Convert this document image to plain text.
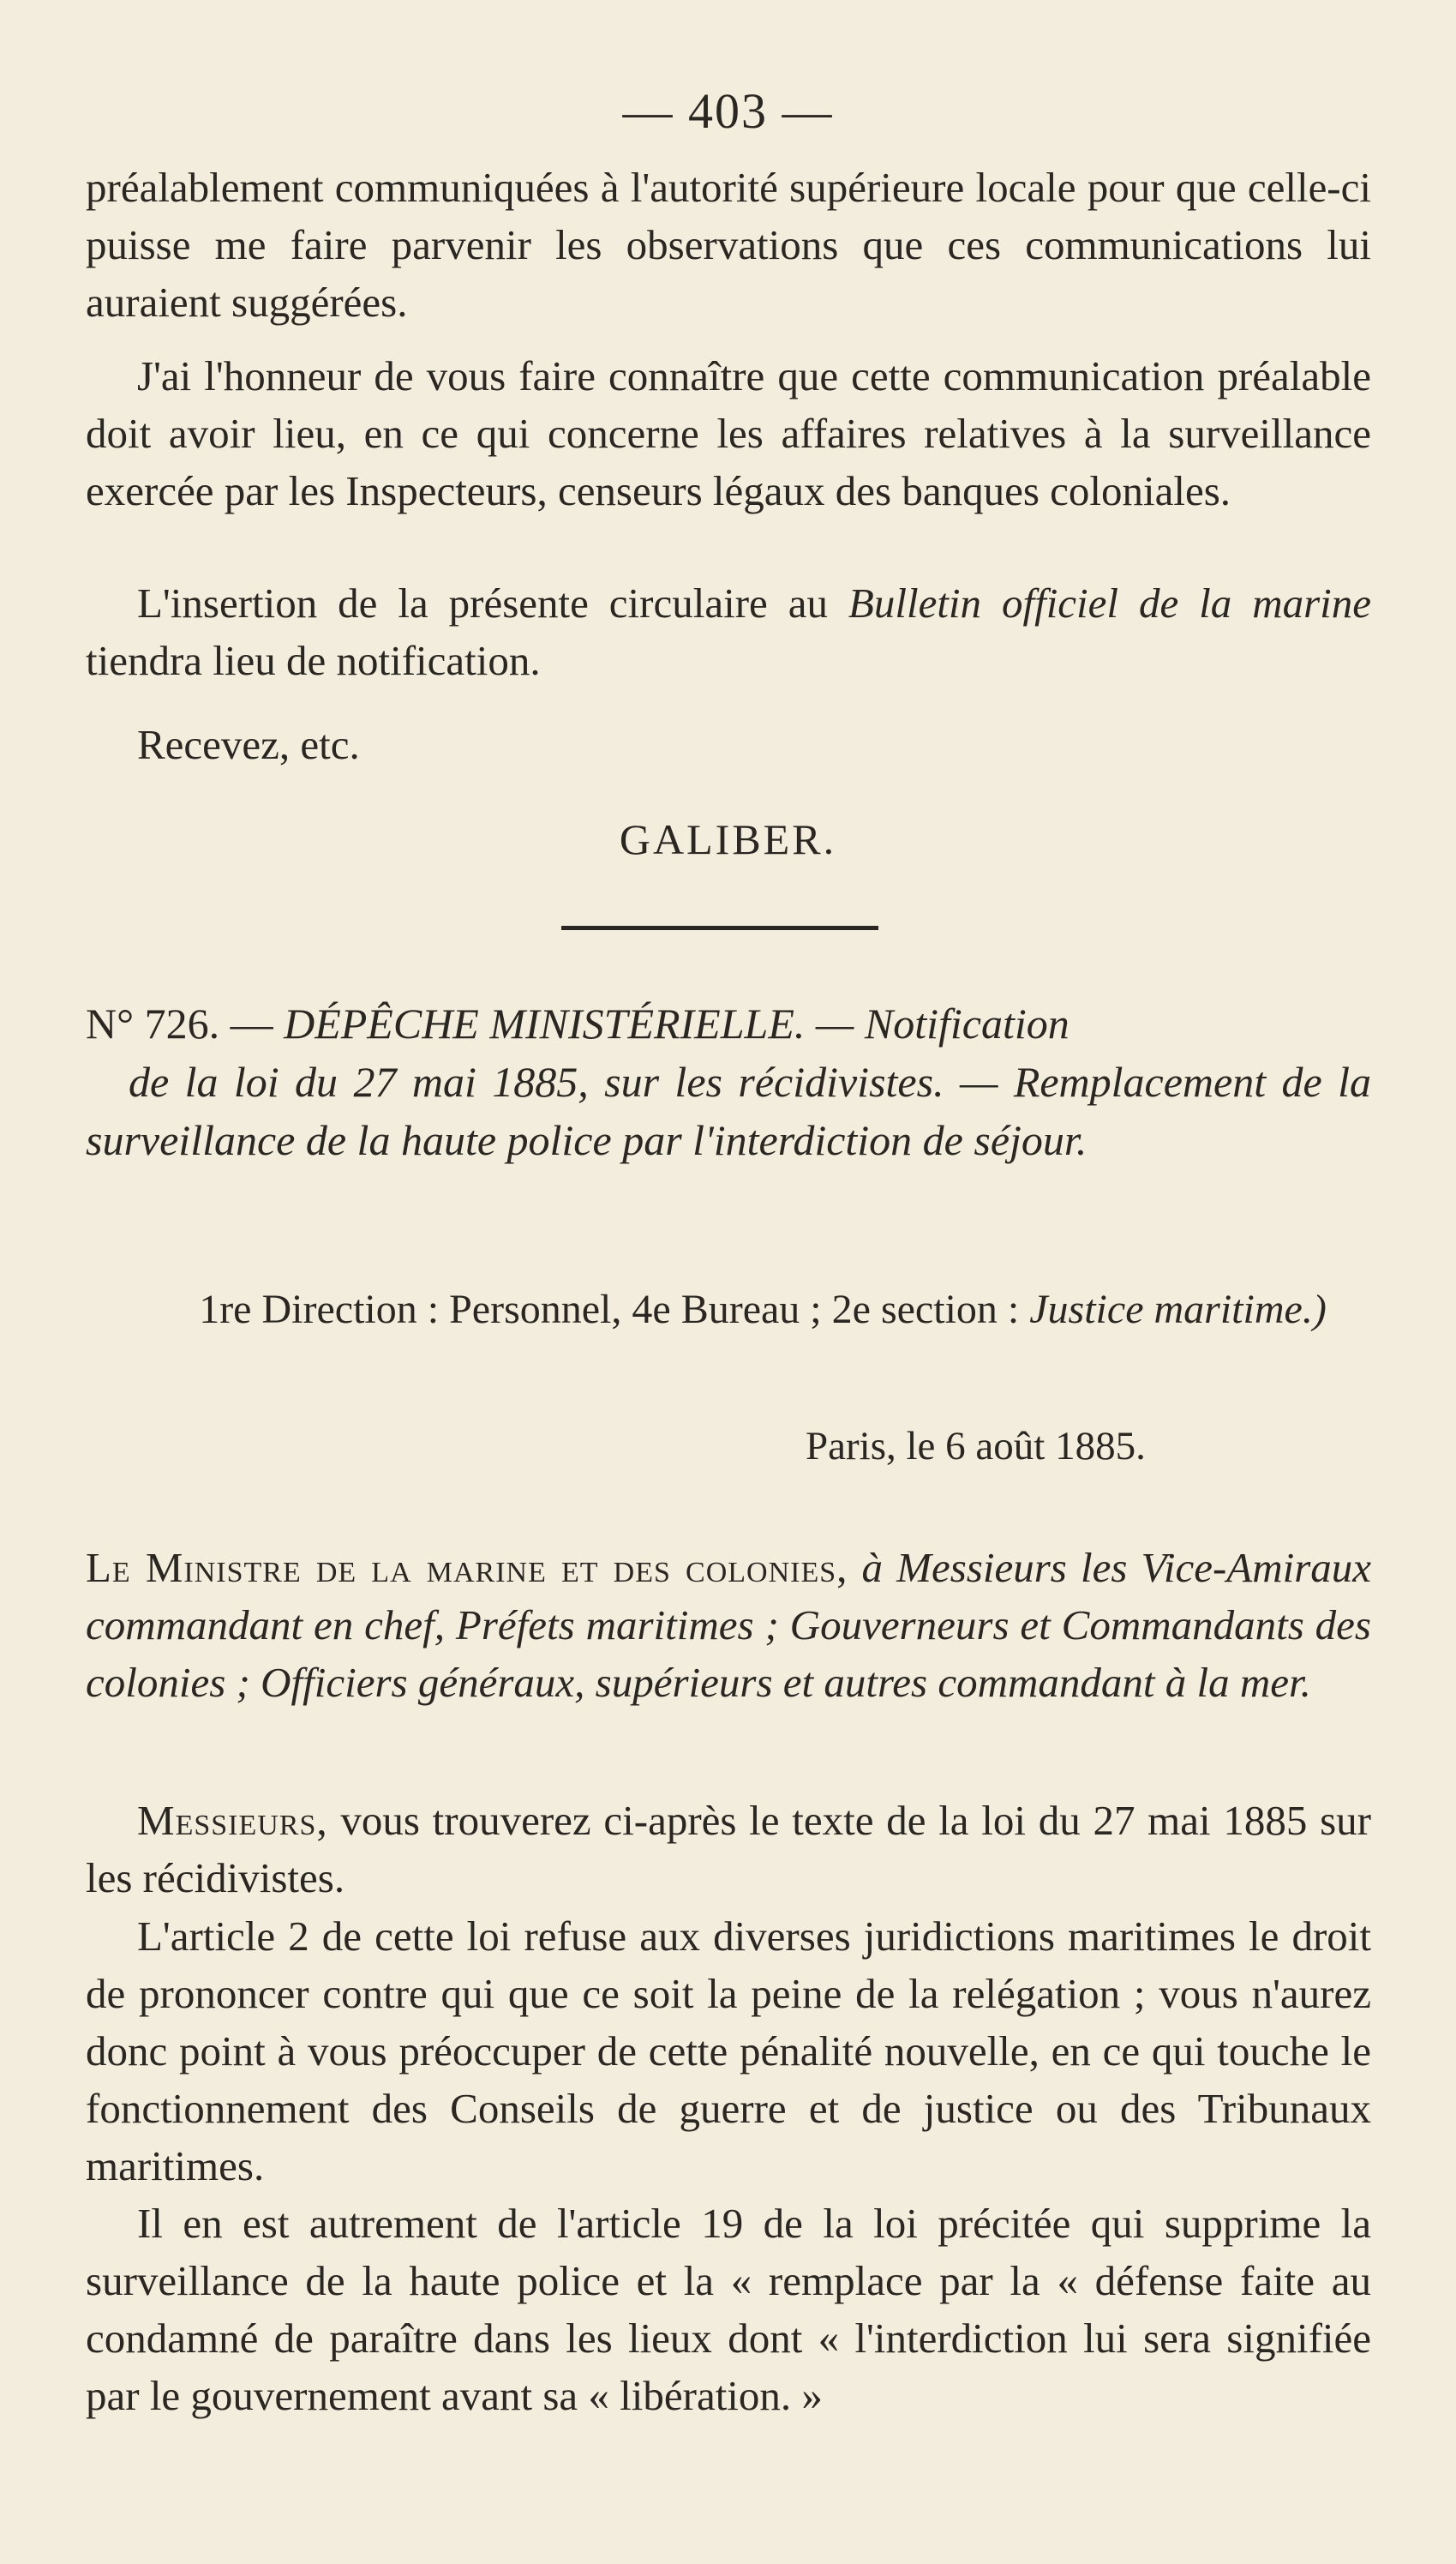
— 403 —

préalablement communiquées à l'autorité supérieure locale pour que celle-ci puisse me faire parvenir les observations que ces communications lui auraient suggérées.

J'ai l'honneur de vous faire connaître que cette communication préalable doit avoir lieu, en ce qui concerne les affaires relatives à la surveillance exercée par les Inspecteurs, censeurs légaux des banques coloniales.

L'insertion de la présente circulaire au Bulletin officiel de la marine tiendra lieu de notification.

Recevez, etc.

GALIBER.

N° 726. — DÉPÊCHE MINISTÉRIELLE. — Notification
de la loi du 27 mai 1885, sur les récidivistes. — Remplacement de la surveillance de la haute police par l'interdiction de séjour.

1re Direction : Personnel, 4e Bureau ; 2e section : Justice maritime.)

Paris, le 6 août 1885.

Le Ministre de la marine et des colonies, à Messieurs les Vice-Amiraux commandant en chef, Préfets maritimes ; Gouverneurs et Commandants des colonies ; Officiers généraux, supérieurs et autres commandant à la mer.

Messieurs, vous trouverez ci-après le texte de la loi du 27 mai 1885 sur les récidivistes.

L'article 2 de cette loi refuse aux diverses juridictions maritimes le droit de prononcer contre qui que ce soit la peine de la relégation ; vous n'aurez donc point à vous préoccuper de cette pénalité nouvelle, en ce qui touche le fonctionnement des Conseils de guerre et de justice ou des Tribunaux maritimes.

Il en est autrement de l'article 19 de la loi précitée qui supprime la surveillance de la haute police et la « remplace par la « défense faite au condamné de paraître dans les lieux dont « l'interdiction lui sera signifiée par le gouvernement avant sa « libération. »
